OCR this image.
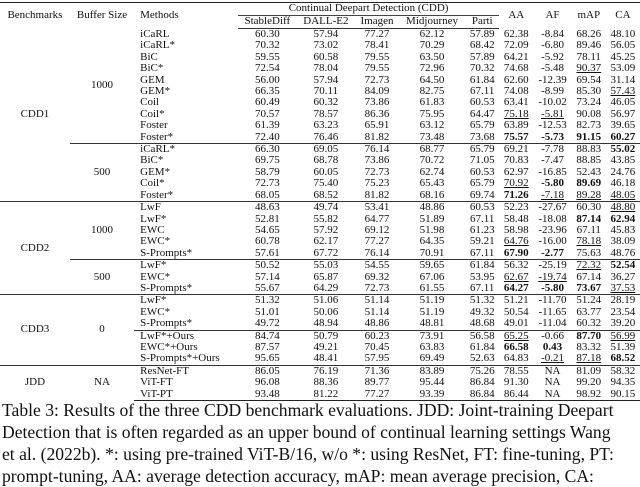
Benchmarks	Buffer Size	Methods	Continual Deepart Detection (CDD)					AA	AF	mAP	CA
			StableDiff	DALL-E2	Imagen	Midjourney	Parti				
CDD1	1000	iCaRL	60.30	57.94	77.27	62.12	57.89	62.38	-8.84	68.26	48.10
		iCaRL*	70.32	73.02	78.41	70.29	68.42	72.09	-6.80	89.46	56.05
		BiC	59.55	60.58	79.55	63.50	57.89	64.21	-5.92	78.11	45.25
		BiC*	72.54	78.04	79.55	72.96	70.32	74.68	-5.48	90.37	53.09
		GEM	56.00	57.94	72.73	64.50	61.84	62.60	-12.39	69.54	31.14
		GEM*	66.35	70.11	84.09	82.75	67.11	74.08	-8.99	85.30	57.43
		Coil	60.49	60.32	73.86	61.83	60.53	63.41	-10.02	73.24	46.05
		Coil*	70.57	78.57	86.36	75.95	64.47	75.18	-5.81	90.08	56.97
		Foster	61.39	63.23	65.91	63.12	65.79	63.89	-12.53	82.73	39.65
		Foster*	72.40	76.46	81.82	73.48	73.68	75.57	-5.73	91.15	60.27
	500	iCaRL*	66.30	69.05	76.14	68.77	65.79	69.21	-7.78	88.83	55.02
		BiC*	69.75	68.78	73.86	70.72	71.05	70.83	-7.47	88.85	43.85
		GEM*	58.79	60.05	72.73	62.74	60.53	62.97	-16.85	52.43	24.76
		Coil*	72.73	75.40	75.23	65.43	65.79	70.92	-5.80	89.69	46.18
		Foster*	68.05	68.52	81.82	68.16	69.74	71.26	-7.18	89.28	48.05
CDD2	1000	LwF	48.63	49.74	53.41	48.86	60.53	52.23	-27.67	60.30	48.80
		LwF*	52.81	55.82	64.77	51.89	67.11	58.48	-18.08	87.14	62.94
		EWC	54.65	57.92	69.12	51.98	61.23	58.98	-23.96	67.11	45.83
		EWC*	60.78	62.17	77.27	64.35	59.21	64.76	-16.00	78.18	38.09
		S-Prompts*	57.61	67.72	76.14	70.91	67.11	67.90	-2.77	75.63	48.76
	500	LwF*	50.52	55.03	54.55	59.65	61.84	56.32	-25.19	72.32	52.54
		EWC*	57.14	65.87	69.32	67.06	53.95	62.67	-19.74	67.14	36.27
		S-Prompts*	55.67	64.29	72.73	61.55	67.11	64.27	-5.80	73.67	37.53
CDD3	0	LwF*	51.32	51.06	51.14	51.19	51.32	51.21	-11.70	51.24	28.19
		EWC*	51.01	50.06	51.14	51.19	49.32	50.54	-11.65	63.77	23.54
		S-Prompts*	49.72	48.94	48.86	48.81	48.68	49.01	-11.04	60.32	39.20
		LwF*+Ours	84.74	50.79	60.23	73.91	56.58	65.25	-0.66	87.70	56.99
		EWC*+Ours	87.57	49.21	70.45	63.83	61.84	66.58	0.43	83.32	51.39
		S-Prompts*+Ours	95.65	48.41	57.95	69.49	52.63	64.83	-0.21	87.18	68.52
JDD	NA	ResNet-FT	86.05	76.19	71.36	83.89	75.26	78.55	NA	81.09	58.32
		ViT-FT	96.08	88.36	89.77	95.44	86.84	91.30	NA	99.20	94.35
		ViT-PT	93.48	81.22	77.27	93.39	86.84	86.44	NA	98.92	90.15
Table 3: Results of the three CDD benchmark evaluations. JDD: Joint-training Deepart
Detection that is often regarded as an upper bound of continual learning settings Wang
et al. (2022b). *: using pre-trained ViT-B/16, w/o *: using ResNet, FT: fine-tuning, PT:
prompt-tuning, AA: average detection accuracy, mAP: mean average precision, CA:
